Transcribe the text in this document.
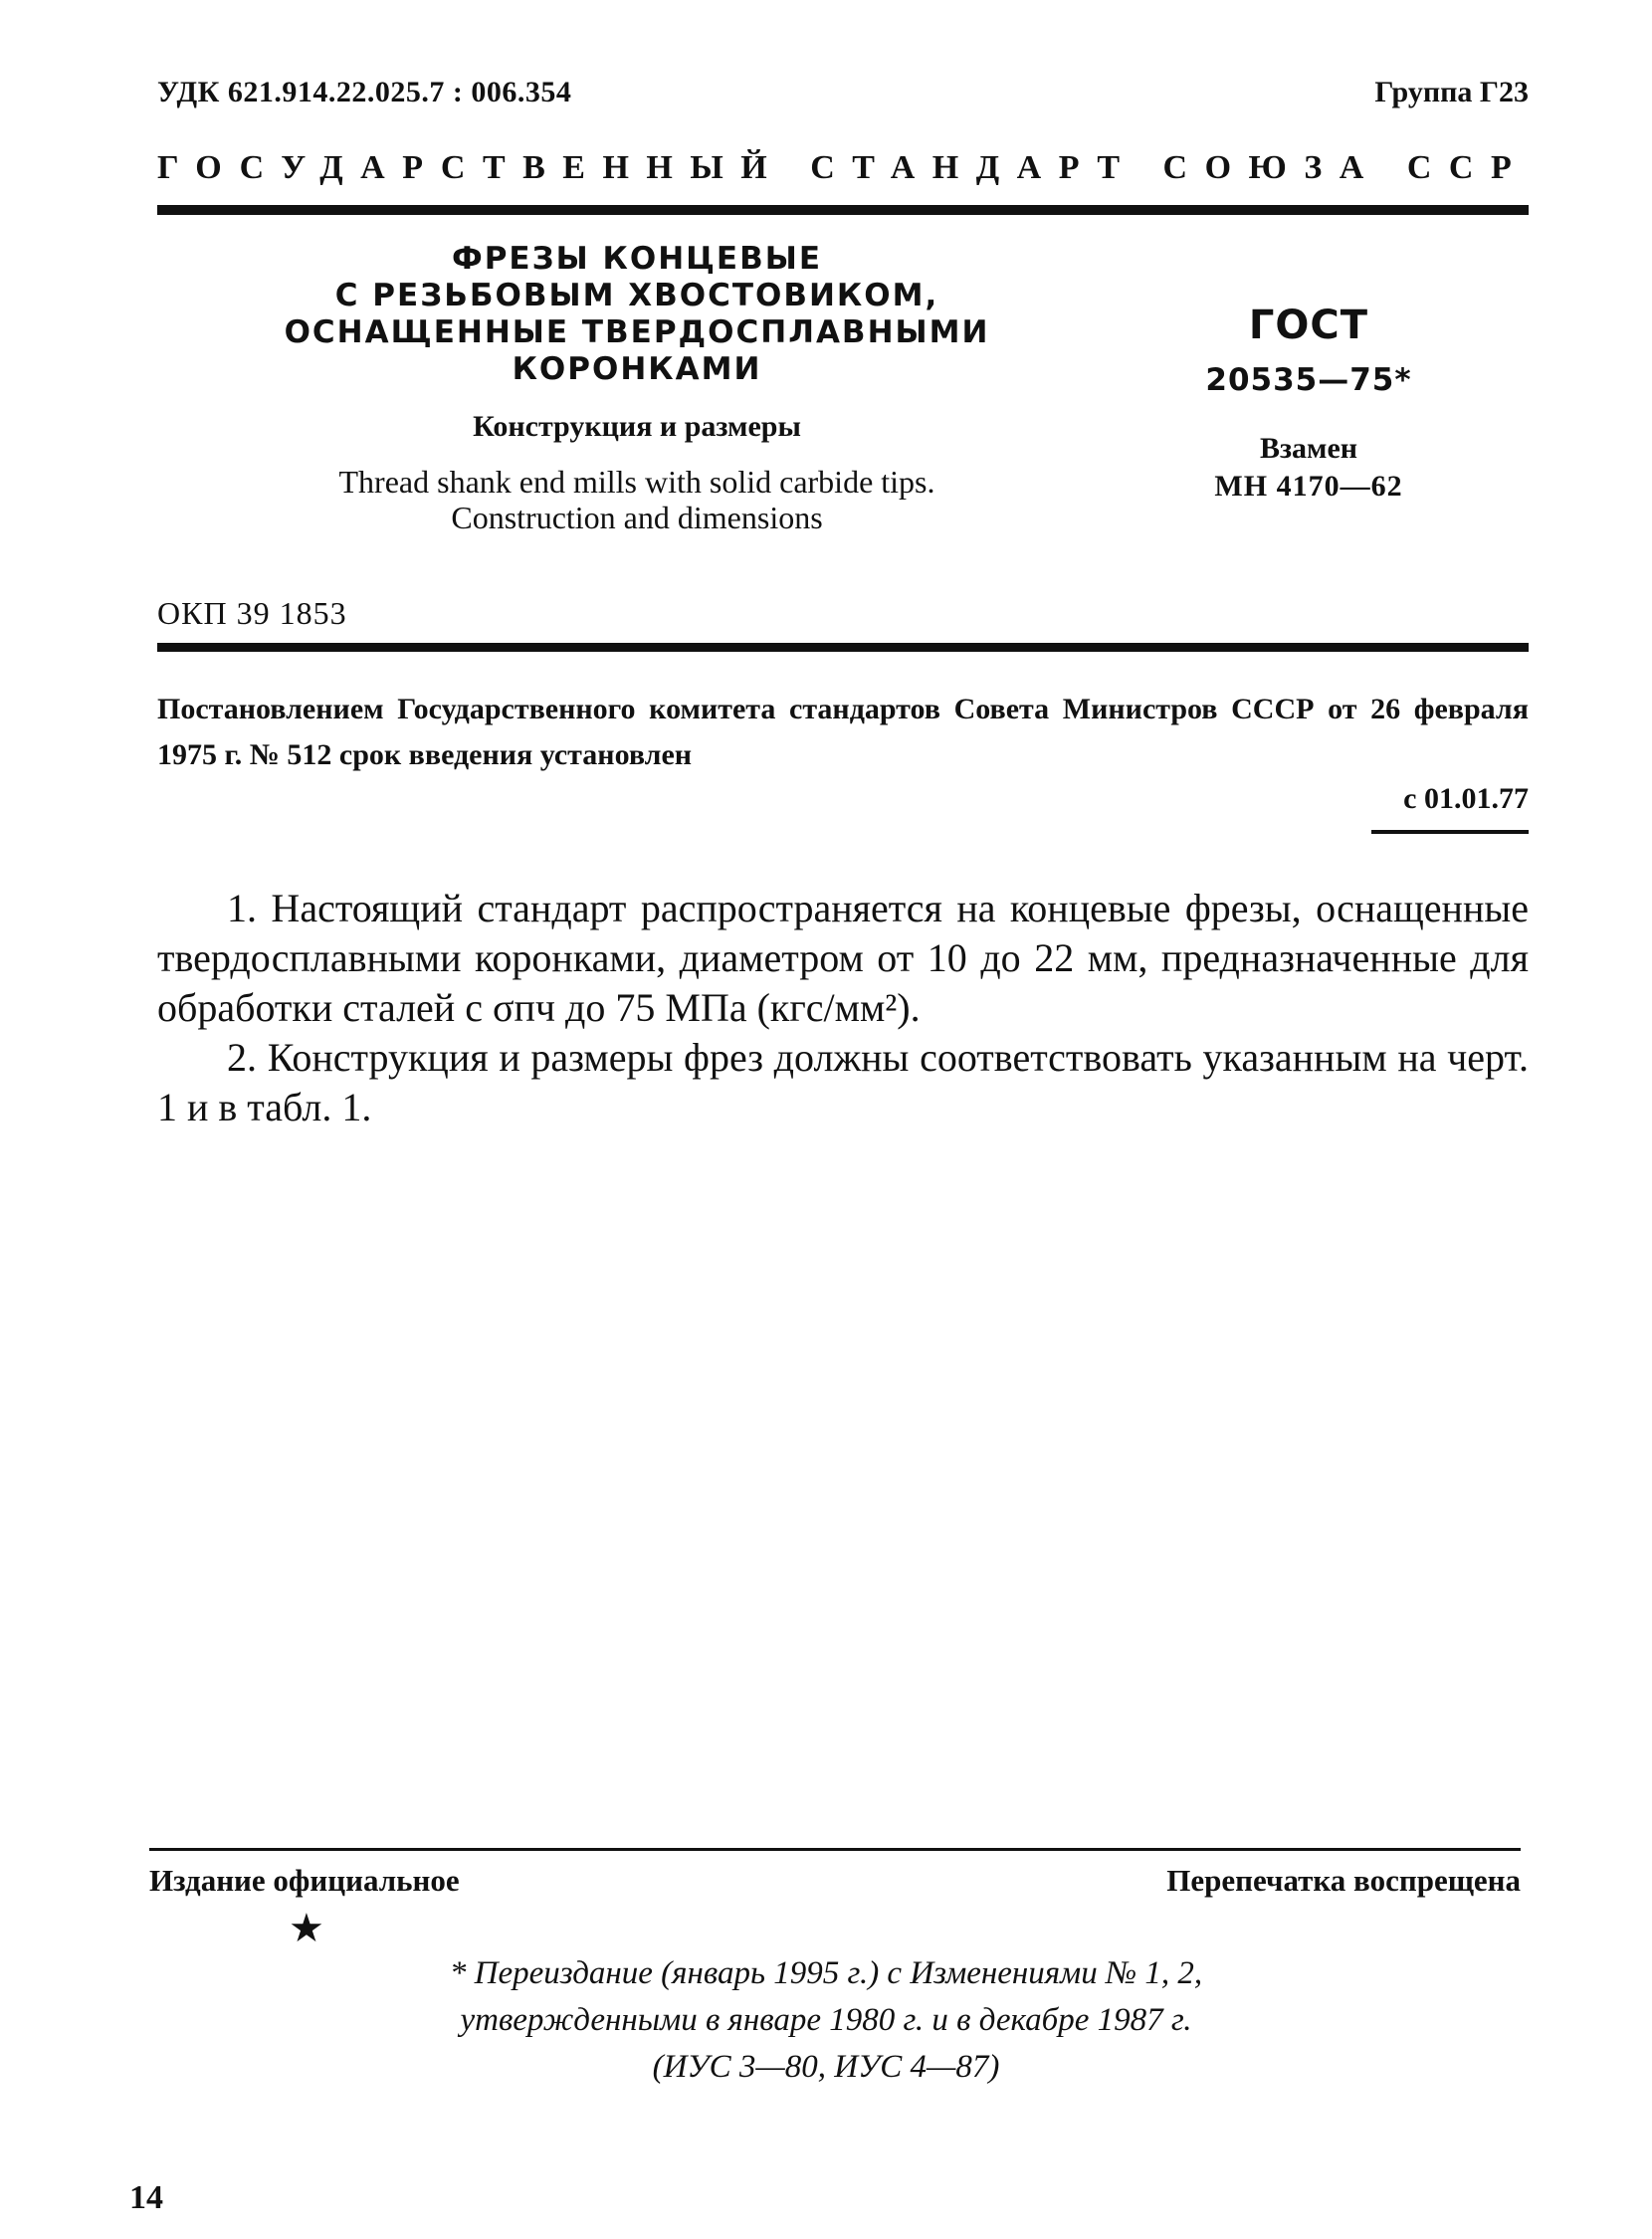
УДК 621.914.22.025.7 : 006.354	Группа Г23
ГОСУДАРСТВЕННЫЙ СТАНДАРТ СОЮЗА ССР
ФРЕЗЫ КОНЦЕВЫЕ
С РЕЗЬБОВЫМ ХВОСТОВИКОМ,
ОСНАЩЕННЫЕ ТВЕРДОСПЛАВНЫМИ
КОРОНКАМИ
Конструкция и размеры
Thread shank end mills with solid carbide tips.
Construction and dimensions
ГОСТ
20535—75*
Взамен
МН 4170—62
ОКП 39 1853
Постановлением Государственного комитета стандартов Совета Министров СССР от 26 февраля 1975 г. № 512 срок введения установлен
с 01.01.77

1. Настоящий стандарт распространяется на концевые фрезы, оснащенные твердосплавными коронками, диаметром от 10 до 22 мм, предназначенные для обработки сталей с σпч до 75 МПа (кгс/мм²).

2. Конструкция и размеры фрез должны соответствовать указанным на черт. 1 и в табл. 1.

Издание официальное	Перепечатка воспрещена
★
* Переиздание (январь 1995 г.) с Изменениями № 1, 2,
утвержденными в январе 1980 г. и в декабре 1987 г.
(ИУС 3—80, ИУС 4—87)
14
